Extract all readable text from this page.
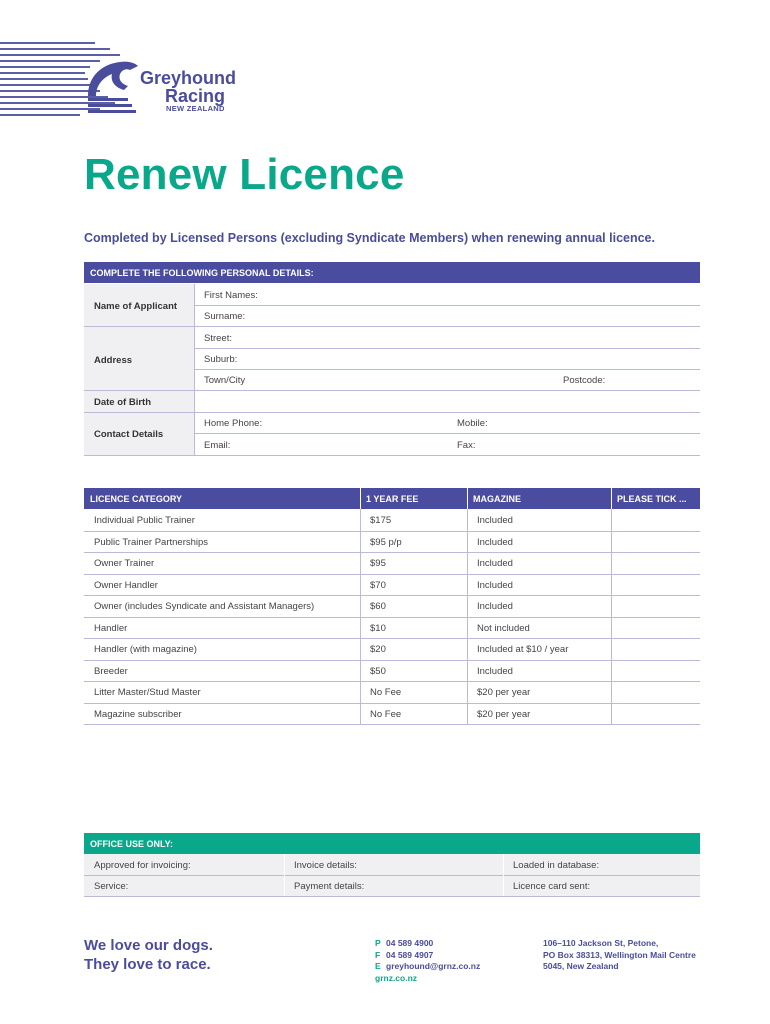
Greyhound
Racing
NEW ZEALAND
Renew Licence
Completed by Licensed Persons (excluding Syndicate Members) when renewing annual licence.
COMPLETE THE FOLLOWING PERSONAL DETAILS:
Name of Applicant
First Names:
Surname:
Address
Street:
Suburb:
Town/City	Postcode:
Date of Birth
Contact Details
Home Phone:	Mobile:
Email:	Fax:
LICENCE CATEGORY	1 YEAR FEE	MAGAZINE	PLEASE TICK ...
Individual Public Trainer	$175	Included
Public Trainer Partnerships	$95 p/p	Included
Owner Trainer	$95	Included
Owner Handler	$70	Included
Owner (includes Syndicate and Assistant Managers)	$60	Included
Handler	$10	Not included
Handler (with magazine)	$20	Included at $10 / year
Breeder	$50	Included
Litter Master/Stud Master	No Fee	$20 per year
Magazine subscriber	No Fee	$20 per year
OFFICE USE ONLY:
Approved for invoicing:	Invoice details:	Loaded in database:
Service:	Payment details:	Licence card sent:
We love our dogs.
They love to race.
P 04 589 4900
F 04 589 4907
E greyhound@grnz.co.nz
grnz.co.nz
106–110 Jackson St, Petone,
PO Box 38313, Wellington Mail Centre
5045, New Zealand
